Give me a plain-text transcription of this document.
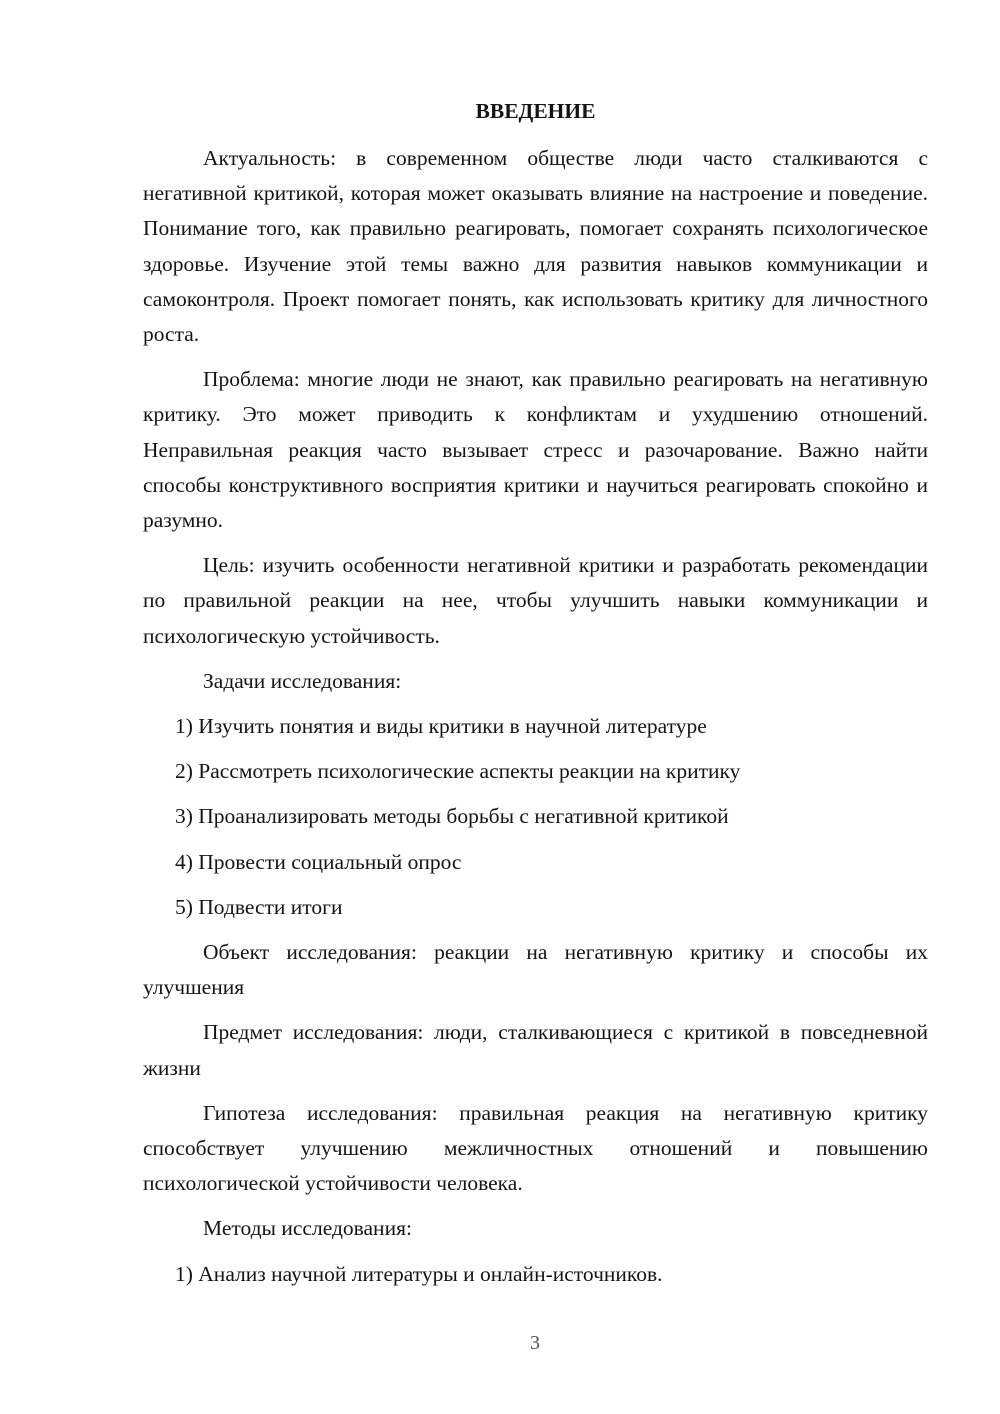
ВВЕДЕНИЕ

Актуальность: в современном обществе люди часто сталкиваются с негативной критикой, которая может оказывать влияние на настроение и поведение. Понимание того, как правильно реагировать, помогает сохранять психологическое здоровье. Изучение этой темы важно для развития навыков коммуникации и самоконтроля. Проект помогает понять, как использовать критику для личностного роста.

Проблема: многие люди не знают, как правильно реагировать на негативную критику. Это может приводить к конфликтам и ухудшению отношений. Неправильная реакция часто вызывает стресс и разочарование. Важно найти способы конструктивного восприятия критики и научиться реагировать спокойно и разумно.

Цель: изучить особенности негативной критики и разработать рекомендации по правильной реакции на нее, чтобы улучшить навыки коммуникации и психологическую устойчивость.

Задачи исследования:

1) Изучить понятия и виды критики в научной литературе
2) Рассмотреть психологические аспекты реакции на критику
3) Проанализировать методы борьбы с негативной критикой
4) Провести социальный опрос
5) Подвести итоги

Объект исследования: реакции на негативную критику и способы их улучшения

Предмет исследования: люди, сталкивающиеся с критикой в повседневной жизни

Гипотеза исследования: правильная реакция на негативную критику способствует улучшению межличностных отношений и повышению психологической устойчивости человека.

Методы исследования:

1) Анализ научной литературы и онлайн-источников.
3
